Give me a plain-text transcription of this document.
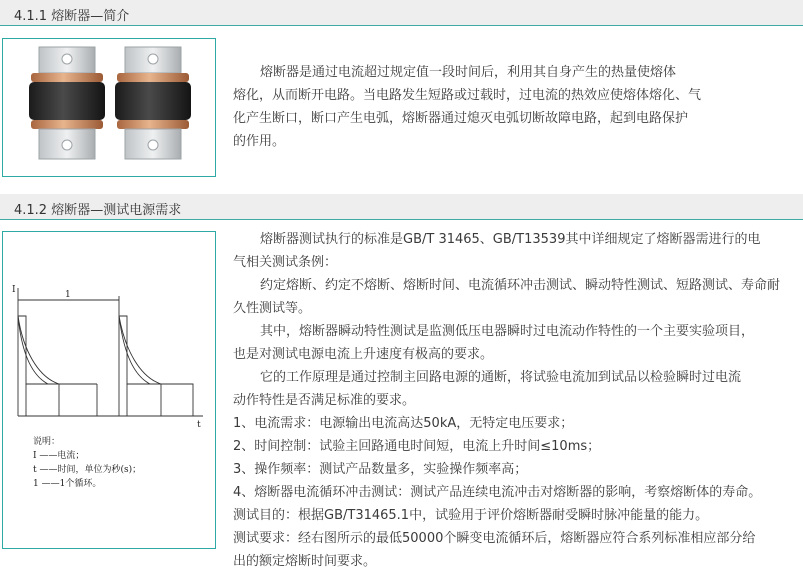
4.1.1 熔断器—简介
熔断器是通过电流超过规定值一段时间后，利用其自身产生的热量使熔体
熔化，从而断开电路。当电路发生短路或过载时，过电流的热效应使熔体熔化、气
化产生断口，断口产生电弧，熔断器通过熄灭电弧切断故障电路，起到电路保护
的作用。
4.1.2 熔断器—测试电源需求
I
t
1
说明：
I ——电流；
t ——时间，单位为秒(s)；
1 ——1个循环。
熔断器测试执行的标准是GB/T 31465、GB/T13539其中详细规定了熔断器需进行的电
气相关测试条例：
约定熔断、约定不熔断、熔断时间、电流循环冲击测试、瞬动特性测试、短路测试、寿命耐
久性测试等。
其中，熔断器瞬动特性测试是监测低压电器瞬时过电流动作特性的一个主要实验项目，
也是对测试电源电流上升速度有极高的要求。
它的工作原理是通过控制主回路电源的通断，将试验电流加到试品以检验瞬时过电流
动作特性是否满足标准的要求。
1、电流需求：电源输出电流高达50kA，无特定电压要求；
2、时间控制：试验主回路通电时间短，电流上升时间≤10ms；
3、操作频率：测试产品数量多，实验操作频率高；
4、熔断器电流循环冲击测试：测试产品连续电流冲击对熔断器的影响，考察熔断体的寿命。
测试目的：根据GB/T31465.1中，试验用于评价熔断器耐受瞬时脉冲能量的能力。
测试要求：经右图所示的最低50000个瞬变电流循环后，熔断器应符合系列标准相应部分给
出的额定熔断时间要求。
